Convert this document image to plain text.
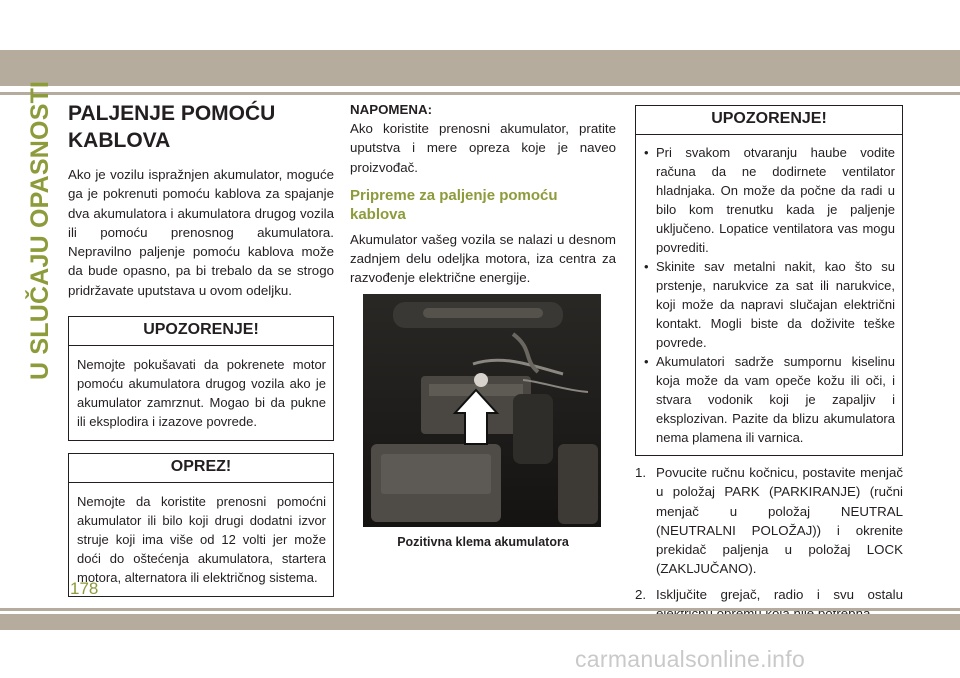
U SLUČAJU OPASNOSTI PALJENJE POMOĆU
KABLOVA

Ako je vozilu ispražnjen akumulator, moguće ga je pokrenuti pomoću kablova za spajanje dva akumulatora i akumulatora drugog vozila ili pomoću prenosnog akumulatora. Nepravilno paljenje pomoću kablova može da bude opasno, pa bi trebalo da se strogo pridržavate uputstava u ovom odeljku.

UPOZORENJE!
Nemojte pokušavati da pokrenete motor pomoću akumulatora drugog vozila ako je akumulator zamrznut. Mogao bi da pukne ili eksplodira i izazove povrede.
OPREZ!
Nemojte da koristite prenosni pomoćni akumulator ili bilo koji drugi dodatni izvor struje koji ima više od 12 volti jer može doći do oštećenja akumulatora, startera motora, alternatora ili električnog sistema.
NAPOMENA:

Ako koristite prenosni akumulator, pratite uputstva i mere opreza koje je naveo proizvođač.

Pripreme za paljenje pomoću kablova

Akumulator vašeg vozila se nalazi u desnom zadnjem delu odeljka motora, iza centra za razvođenje električne energije.

Pozitivna klema akumulatora
UPOZORENJE!
• Pri svakom otvaranju haube vodite računa da ne dodirnete ventilator hladnjaka. On može da počne da radi u bilo kom trenutku kada je paljenje uključeno. Lopatice ventilatora vas mogu povrediti.
• Skinite sav metalni nakit, kao što su prstenje, narukvice za sat ili narukvice, koji može da napravi slučajan električni kontakt. Mogli biste da doživite teške povrede.
• Akumulatori sadrže sumpornu kiselinu koja može da vam opeče kožu ili oči, i stvara vodonik koji je zapaljiv i eksplozivan. Pazite da blizu akumulatora nema plamena ili varnica.
1. Povucite ručnu kočnicu, postavite menjač u položaj PARK (PARKIRANJE) (ručni menjač u položaj NEUTRAL (NEUTRALNI POLOŽAJ)) i okrenite prekidač paljenja u položaj LOCK (ZAKLJUČANO).
2. Isključite grejač, radio i svu ostalu
178
carmanualsonline.info
